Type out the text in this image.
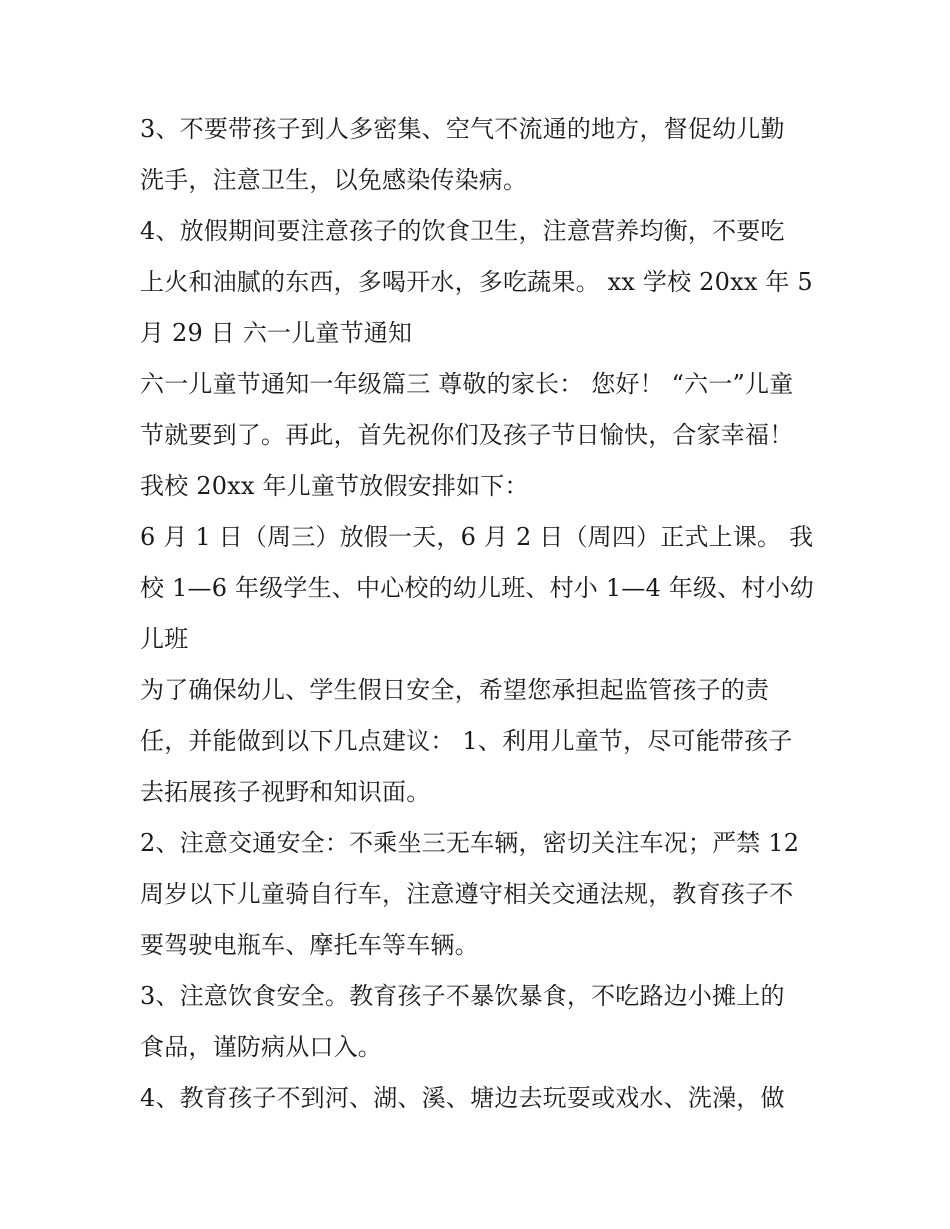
3、不要带孩子到人多密集、空气不流通的地方，督促幼儿勤
洗手，注意卫生，以免感染传染病。
4、放假期间要注意孩子的饮食卫生，注意营养均衡，不要吃
上火和油腻的东西，多喝开水，多吃蔬果。 xx 学校 20xx 年 5
月 29 日 六一儿童节通知
六一儿童节通知一年级篇三 尊敬的家长： 您好！ “六一”儿童
节就要到了。再此，首先祝你们及孩子节日愉快，合家幸福！
我校 20xx 年儿童节放假安排如下：
6 月 1 日（周三）放假一天，6 月 2 日（周四）正式上课。 我
校 1—6 年级学生、中心校的幼儿班、村小 1—4 年级、村小幼
儿班
为了确保幼儿、学生假日安全，希望您承担起监管孩子的责
任，并能做到以下几点建议： 1、利用儿童节，尽可能带孩子
去拓展孩子视野和知识面。
2、注意交通安全：不乘坐三无车辆，密切关注车况；严禁 12
周岁以下儿童骑自行车，注意遵守相关交通法规，教育孩子不
要驾驶电瓶车、摩托车等车辆。
3、注意饮食安全。教育孩子不暴饮暴食，不吃路边小摊上的
食品，谨防病从口入。
4、教育孩子不到河、湖、溪、塘边去玩耍或戏水、洗澡，做
